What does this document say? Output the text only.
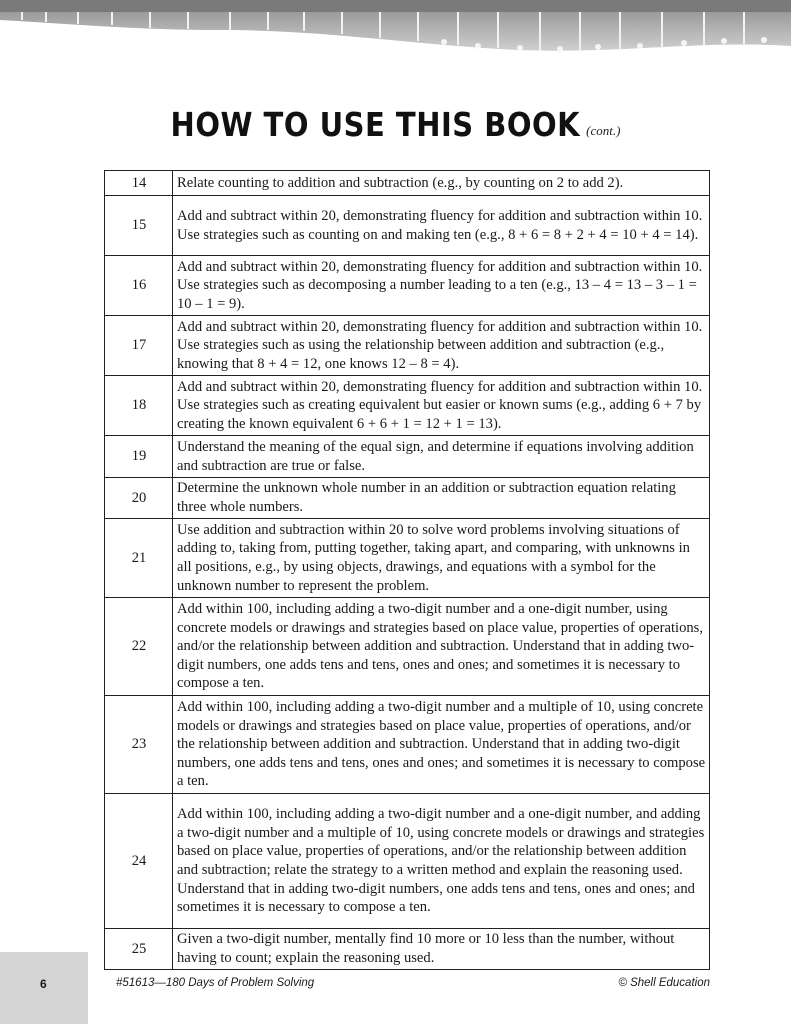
HOW TO USE THIS BOOK (cont.)
14	Relate counting to addition and subtraction (e.g., by counting on 2 to add 2).
15	Add and subtract within 20, demonstrating fluency for addition and subtraction within 10. Use strategies such as counting on and making ten (e.g., 8 + 6 = 8 + 2 + 4 = 10 + 4 = 14).
16	Add and subtract within 20, demonstrating fluency for addition and subtraction within 10. Use strategies such as decomposing a number leading to a ten (e.g., 13 – 4 = 13 – 3 – 1 = 10 – 1 = 9).
17	Add and subtract within 20, demonstrating fluency for addition and subtraction within 10. Use strategies such as using the relationship between addition and subtraction (e.g., knowing that 8 + 4 = 12, one knows 12 – 8 = 4).
18	Add and subtract within 20, demonstrating fluency for addition and subtraction within 10. Use strategies such as creating equivalent but easier or known sums (e.g., adding 6 + 7 by creating the known equivalent 6 + 6 + 1 = 12 + 1 = 13).
19	Understand the meaning of the equal sign, and determine if equations involving addition and subtraction are true or false.
20	Determine the unknown whole number in an addition or subtraction equation relating three whole numbers.
21	Use addition and subtraction within 20 to solve word problems involving situations of adding to, taking from, putting together, taking apart, and comparing, with unknowns in all positions, e.g., by using objects, drawings, and equations with a symbol for the unknown number to represent the problem.
22	Add within 100, including adding a two-digit number and a one-digit number, using concrete models or drawings and strategies based on place value, properties of operations, and/or the relationship between addition and subtraction. Understand that in adding two-digit numbers, one adds tens and tens, ones and ones; and sometimes it is necessary to compose a ten.
23	Add within 100, including adding a two-digit number and a multiple of 10, using concrete models or drawings and strategies based on place value, properties of operations, and/or the relationship between addition and subtraction. Understand that in adding two-digit numbers, one adds tens and tens, ones and ones; and sometimes it is necessary to compose a ten.
24	Add within 100, including adding a two-digit number and a one-digit number, and adding a two-digit number and a multiple of 10, using concrete models or drawings and strategies based on place value, properties of operations, and/or the relationship between addition and subtraction; relate the strategy to a written method and explain the reasoning used. Understand that in adding two-digit numbers, one adds tens and tens, ones and ones; and sometimes it is necessary to compose a ten.
25	Given a two-digit number, mentally find 10 more or 10 less than the number, without having to count; explain the reasoning used.
6	#51613—180 Days of Problem Solving	© Shell Education
